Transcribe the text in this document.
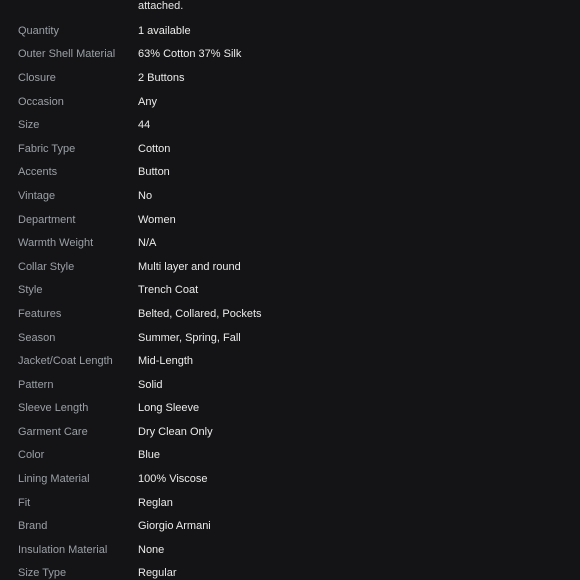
attached.
Quantity	1 available
Outer Shell Material	63% Cotton 37% Silk
Closure	2 Buttons
Occasion	Any
Size	44
Fabric Type	Cotton
Accents	Button
Vintage	No
Department	Women
Warmth Weight	N/A
Collar Style	Multi layer and round
Style	Trench Coat
Features	Belted, Collared, Pockets
Season	Summer, Spring, Fall
Jacket/Coat Length	Mid-Length
Pattern	Solid
Sleeve Length	Long Sleeve
Garment Care	Dry Clean Only
Color	Blue
Lining Material	100% Viscose
Fit	Reglan
Brand	Giorgio Armani
Insulation Material	None
Size Type	Regular
